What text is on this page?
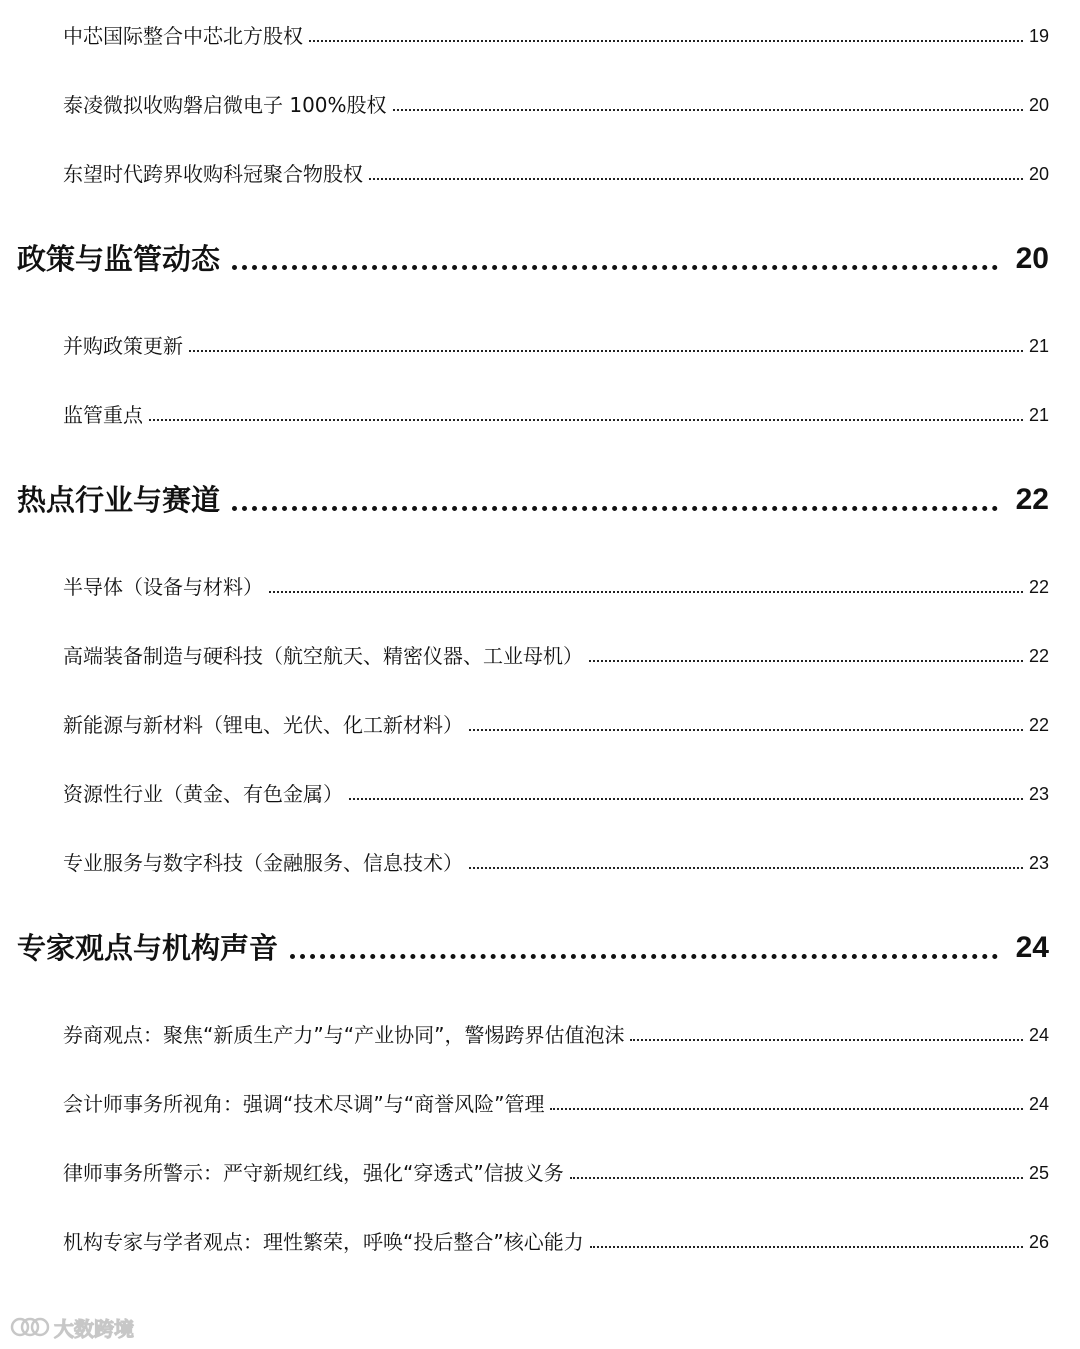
中芯国际整合中芯北方股权	19
泰凌微拟收购磐启微电子 100%股权	20
东望时代跨界收购科冠聚合物股权	20
政策与监管动态	20
并购政策更新	21
监管重点	21
热点行业与赛道	22
半导体（设备与材料）	22
高端装备制造与硬科技（航空航天、精密仪器、工业母机）	22
新能源与新材料（锂电、光伏、化工新材料）	22
资源性行业（黄金、有色金属）	23
专业服务与数字科技（金融服务、信息技术）	23
专家观点与机构声音	24
券商观点：聚焦“新质生产力”与“产业协同”，警惕跨界估值泡沫	24
会计师事务所视角：强调“技术尽调”与“商誉风险”管理	24
律师事务所警示：严守新规红线，强化“穿透式”信披义务	25
机构专家与学者观点：理性繁荣，呼唤“投后整合”核心能力	26
大数跨境
